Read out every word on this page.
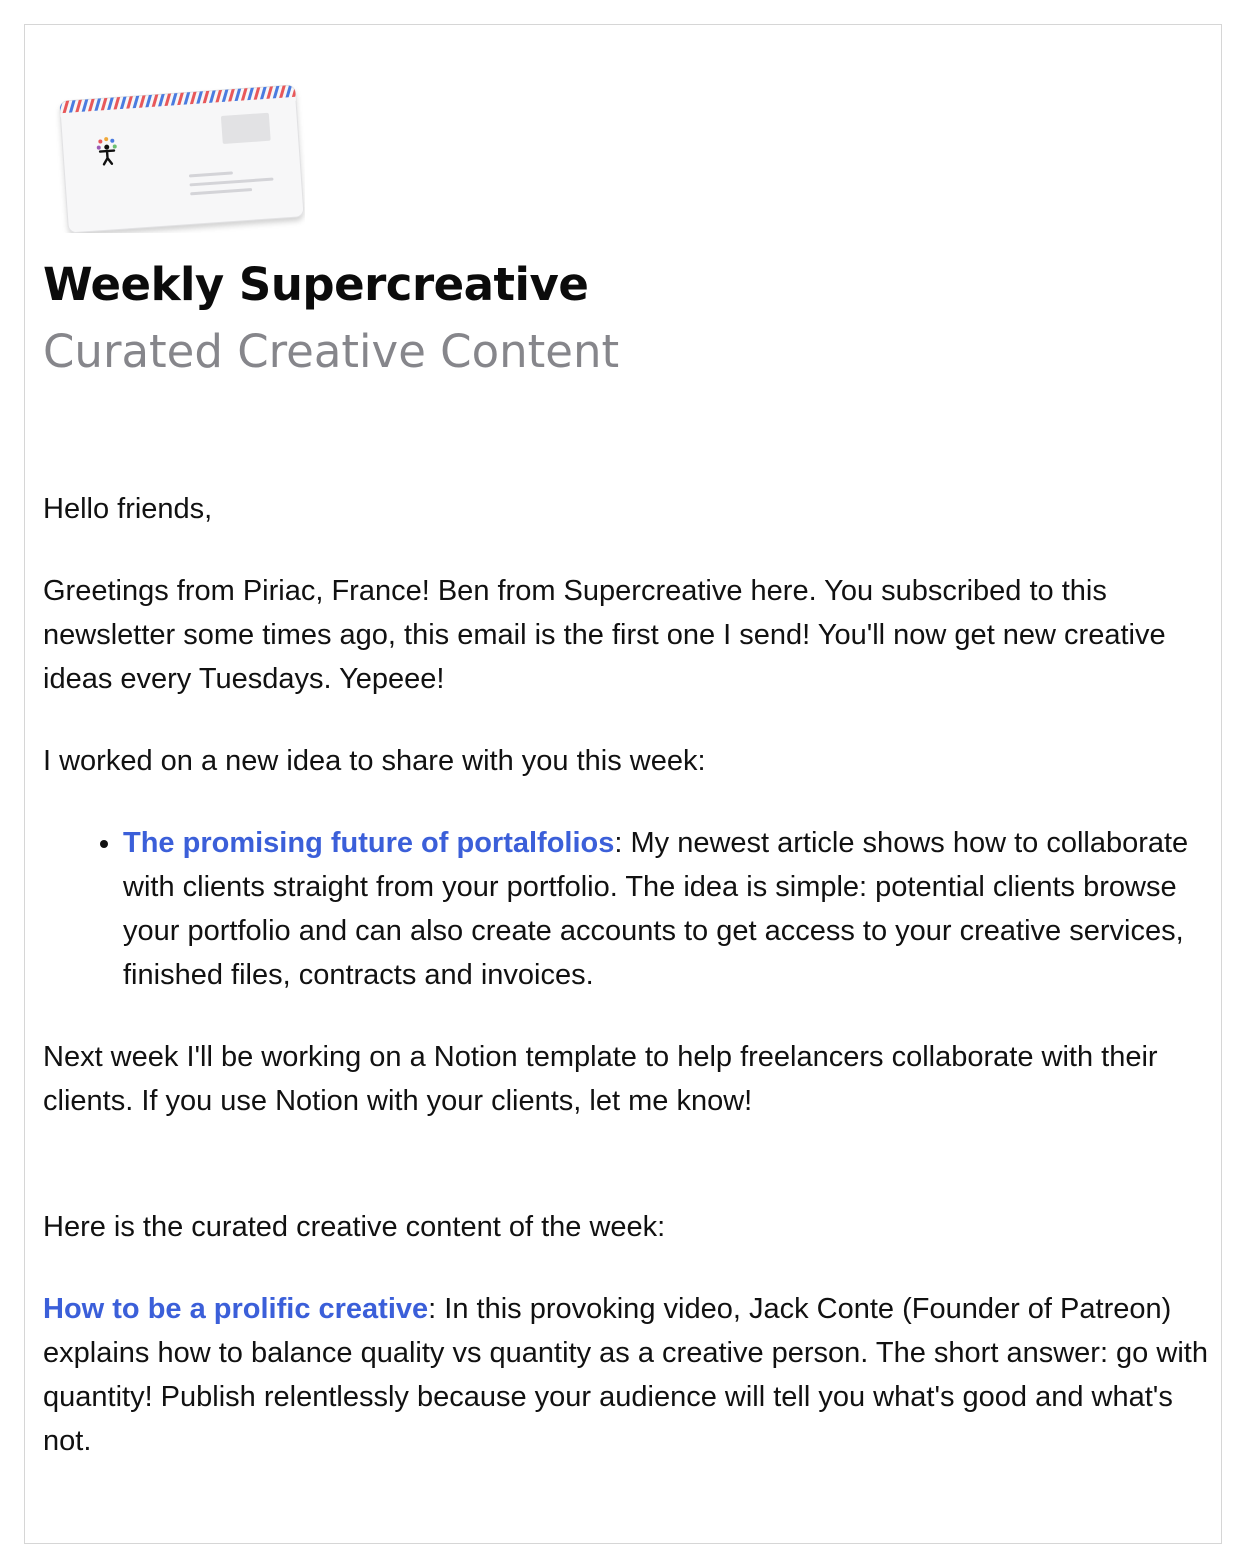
Weekly Supercreative
Curated Creative Content

Hello friends,

Greetings from Piriac, France! Ben from Supercreative here. You subscribed to this newsletter some times ago, this email is the first one I send! You'll now get new creative ideas every Tuesdays. Yepeee!

I worked on a new idea to share with you this week:

• The promising future of portalfolios: My newest article shows how to collaborate with clients straight from your portfolio. The idea is simple: potential clients browse your portfolio and can also create accounts to get access to your creative services, finished files, contracts and invoices.

Next week I'll be working on a Notion template to help freelancers collaborate with their clients. If you use Notion with your clients, let me know!

Here is the curated creative content of the week:

How to be a prolific creative: In this provoking video, Jack Conte (Founder of Patreon) explains how to balance quality vs quantity as a creative person. The short answer: go with quantity! Publish relentlessly because your audience will tell you what's good and what's not.
